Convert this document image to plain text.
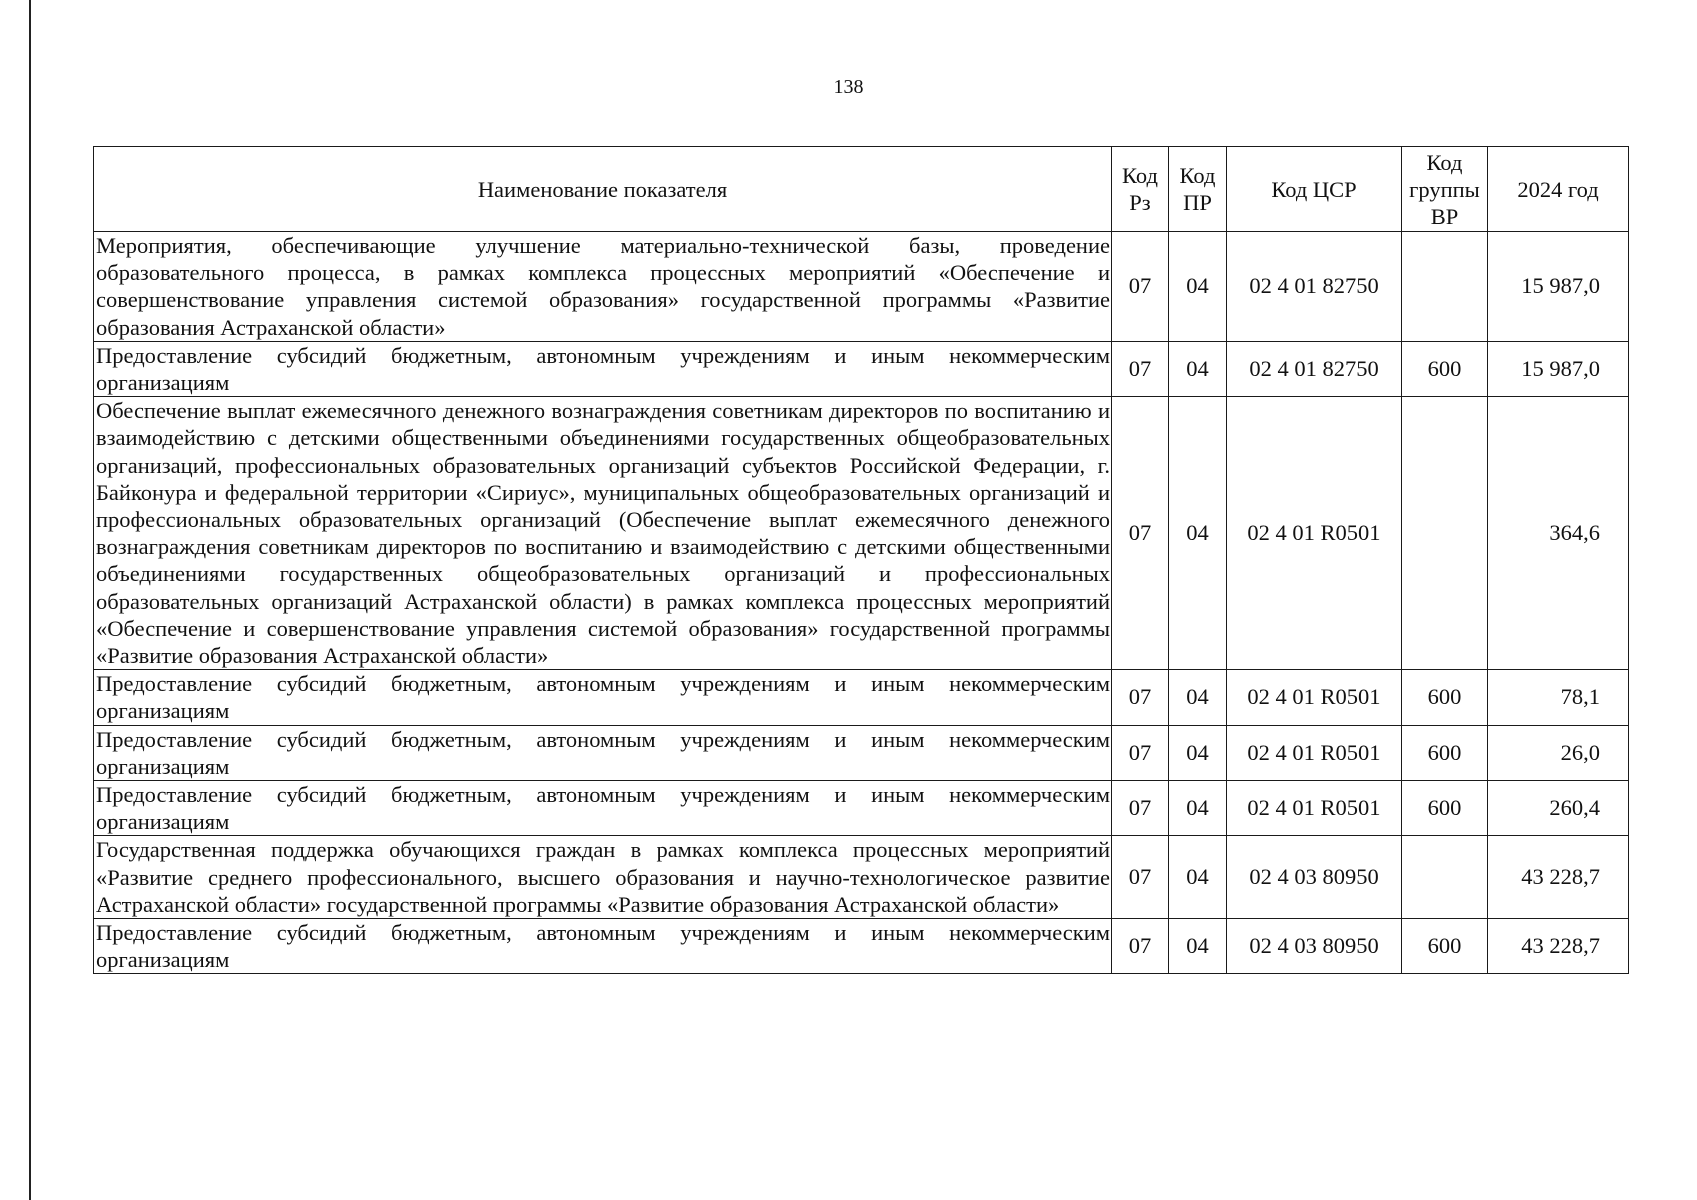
138
Наименование показателя	Код Рз	Код ПР	Код ЦСР	Код группы ВР	2024 год

Мероприятия, обеспечивающие улучшение материально-технической базы, проведение образовательного процесса, в рамках комплекса процессных мероприятий «Обеспечение и совершенствование управления системой образования» государственной программы «Развитие образования Астраханской области»	07	04	02 4 01 82750		15 987,0

Предоставление субсидий бюджетным, автономным учреждениям и иным некоммерческим организациям	07	04	02 4 01 82750	600	15 987,0

Обеспечение выплат ежемесячного денежного вознаграждения советникам директоров по воспитанию и взаимодействию с детскими общественными объединениями государственных общеобразовательных организаций, профессиональных образовательных организаций субъектов Российской Федерации, г. Байконура и федеральной территории «Сириус», муниципальных общеобразовательных организаций и профессиональных образовательных организаций (Обеспечение выплат ежемесячного денежного вознаграждения советникам директоров по воспитанию и взаимодействию с детскими общественными объединениями государственных общеобразовательных организаций и профессиональных образовательных организаций Астраханской области) в рамках комплекса процессных мероприятий «Обеспечение и совершенствование управления системой образования» государственной программы «Развитие образования Астраханской области»	07	04	02 4 01 R0501		364,6

Предоставление субсидий бюджетным, автономным учреждениям и иным некоммерческим организациям	07	04	02 4 01 R0501	600	78,1

Предоставление субсидий бюджетным, автономным учреждениям и иным некоммерческим организациям	07	04	02 4 01 R0501	600	26,0

Предоставление субсидий бюджетным, автономным учреждениям и иным некоммерческим организациям	07	04	02 4 01 R0501	600	260,4

Государственная поддержка обучающихся граждан в рамках комплекса процессных мероприятий «Развитие среднего профессионального, высшего образования и научно-технологическое развитие Астраханской области» государственной программы «Развитие образования Астраханской области»	07	04	02 4 03 80950		43 228,7

Предоставление субсидий бюджетным, автономным учреждениям и иным некоммерческим организациям	07	04	02 4 03 80950	600	43 228,7
